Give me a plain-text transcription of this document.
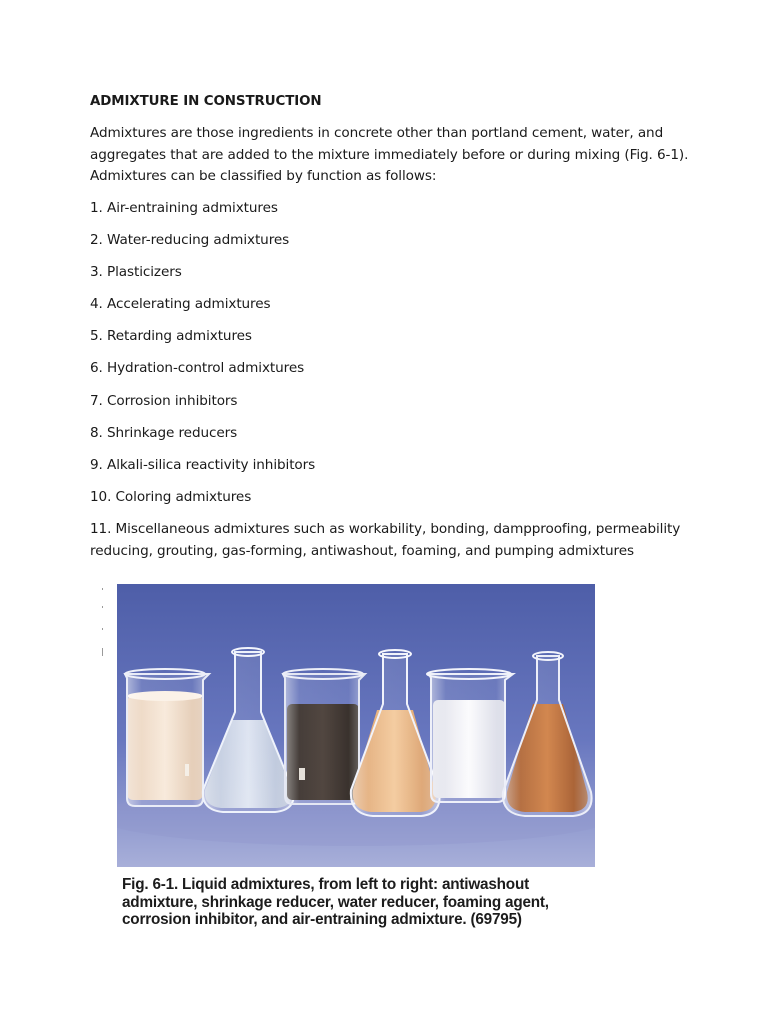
ADMIXTURE IN CONSTRUCTION

Admixtures are those ingredients in concrete other than portland cement, water, and aggregates that are added to the mixture immediately before or during mixing (Fig. 6-1). Admixtures can be classified by function as follows:

1. Air-entraining admixtures
2. Water-reducing admixtures
3. Plasticizers
4. Accelerating admixtures
5. Retarding admixtures
6. Hydration-control admixtures
7. Corrosion inhibitors
8. Shrinkage reducers
9. Alkali-silica reactivity inhibitors
10. Coloring admixtures
11. Miscellaneous admixtures such as workability, bonding, dampproofing, permeability reducing, grouting, gas-forming, antiwashout, foaming, and pumping admixtures
Fig. 6-1. Liquid admixtures, from left to right: antiwashout admixture, shrinkage reducer, water reducer, foaming agent, corrosion inhibitor, and air-entraining admixture. (69795)
